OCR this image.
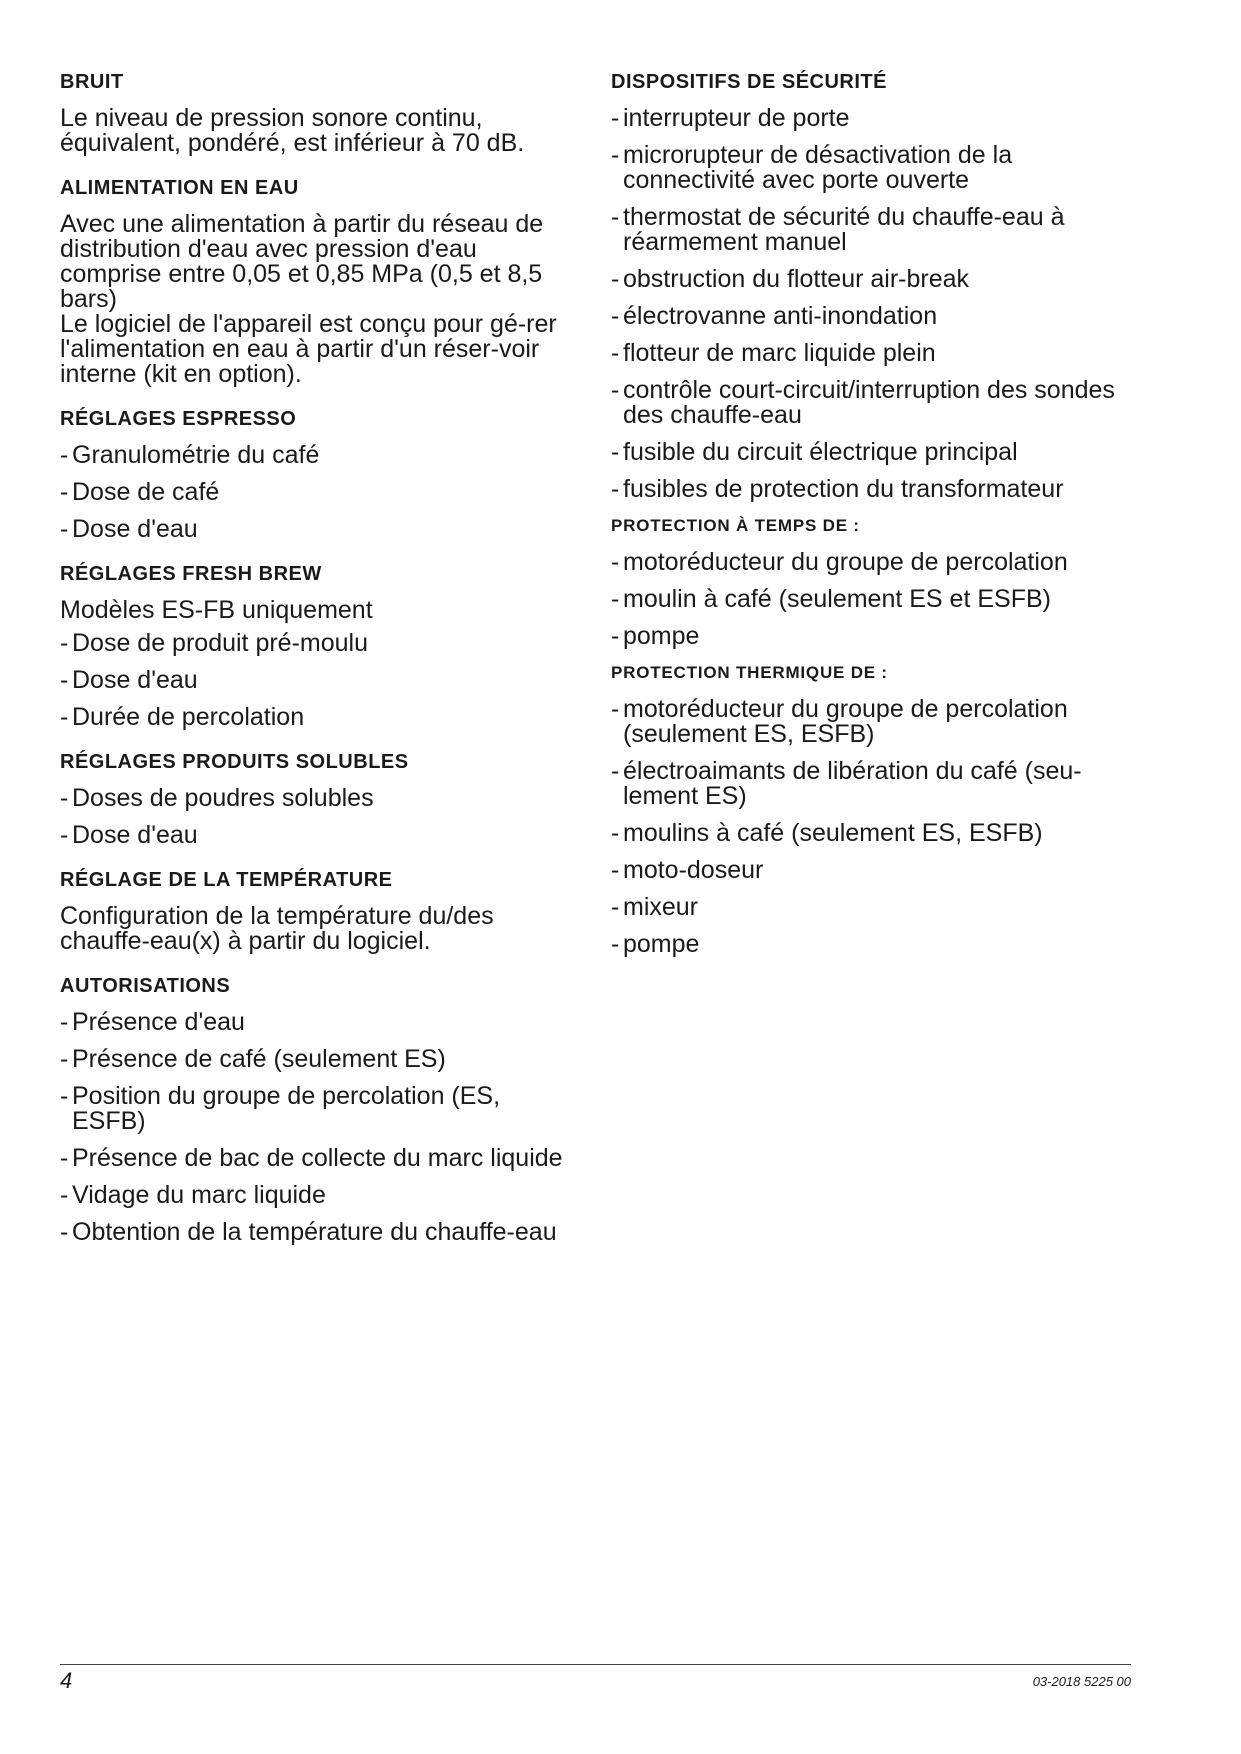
BRUIT

Le niveau de pression sonore continu, équivalent, pondéré, est inférieur à 70 dB.

ALIMENTATION EN EAU

Avec une alimentation à partir du réseau de distribution d'eau avec pression d'eau comprise entre 0,05 et 0,85 MPa (0,5 et 8,5 bars)

Le logiciel de l'appareil est conçu pour gé-rer l'alimentation en eau à partir d'un réser-voir interne (kit en option).

RÉGLAGES ESPRESSO
- Granulométrie du café
- Dose de café
- Dose d'eau
RÉGLAGES FRESH BREW

Modèles ES-FB uniquement

- Dose de produit pré-moulu
- Dose d'eau
- Durée de percolation
RÉGLAGES PRODUITS SOLUBLES
- Doses de poudres solubles
- Dose d'eau
RÉGLAGE DE LA TEMPÉRATURE

Configuration de la température du/des chauffe-eau(x) à partir du logiciel.

AUTORISATIONS
- Présence d'eau
- Présence de café (seulement ES)
- Position du groupe de percolation (ES, ESFB)
- Présence de bac de collecte du marc liquide
- Vidage du marc liquide
- Obtention de la température du chauffe-eau
DISPOSITIFS DE SÉCURITÉ
- interrupteur de porte
- microrupteur de désactivation de la connectivité avec porte ouverte
- thermostat de sécurité du chauffe-eau à réarmement manuel
- obstruction du flotteur air-break
- électrovanne anti-inondation
- flotteur de marc liquide plein
- contrôle court-circuit/interruption des sondes des chauffe-eau
- fusible du circuit électrique principal
- fusibles de protection du transformateur
PROTECTION À TEMPS DE :
- motoréducteur du groupe de percolation
- moulin à café (seulement ES et ESFB)
- pompe
PROTECTION THERMIQUE DE :
- motoréducteur du groupe de percolation (seulement ES, ESFB)
- électroaimants de libération du café (seu-lement ES)
- moulins à café (seulement ES, ESFB)
- moto-doseur
- mixeur
- pompe
4	03-2018 5225 00
